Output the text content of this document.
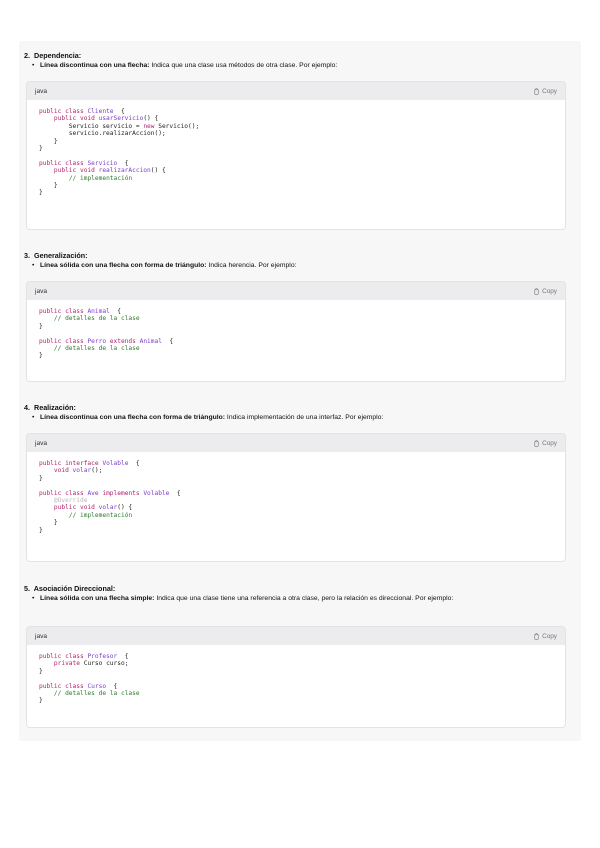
2. Dependencia:

• Línea discontinua con una flecha: Indica que una clase usa métodos de otra clase. Por ejemplo:

java	Copy
public class Cliente  {
public void usarServicio() {
Servicio servicio = new Servicio();
servicio.realizarAccion();
}
}

public class Servicio  {
public void realizarAccion() {
// implementación
}
}

3. Generalización:

• Línea sólida con una flecha con forma de triángulo: Indica herencia. Por ejemplo:

java	Copy
public class Animal  {
// detalles de la clase
}

public class Perro extends Animal  {
// detalles de la clase
}

4. Realización:

• Línea discontinua con una flecha con forma de triángulo: Indica implementación de una interfaz. Por ejemplo:

java	Copy
public interface Volable  {
void volar();
}

public class Ave implements Volable  {
@Override
public void volar() {
// implementación
}
}

5. Asociación Direccional:

• Línea sólida con una flecha simple: Indica que una clase tiene una referencia a otra clase, pero la relación es direccional. Por ejemplo:

java	Copy
public class Profesor  {
private Curso curso;
}

public class Curso  {
// detalles de la clase
}
